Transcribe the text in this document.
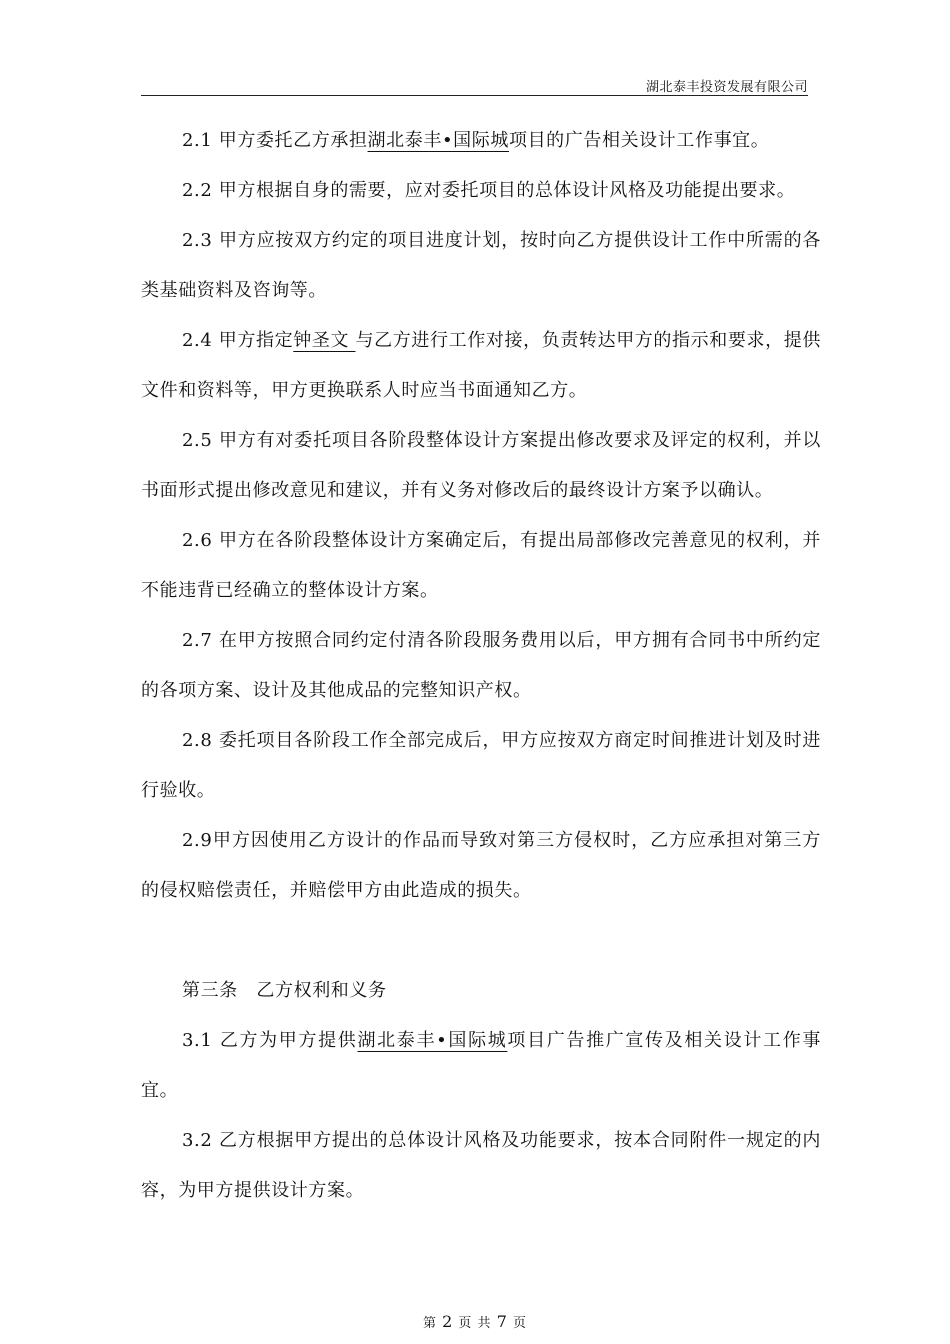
湖北泰丰投资发展有限公司

2.1 甲方委托乙方承担湖北泰丰•国际城项目的广告相关设计工作事宜。

2.2 甲方根据自身的需要，应对委托项目的总体设计风格及功能提出要求。

2.3 甲方应按双方约定的项目进度计划，按时向乙方提供设计工作中所需的各类基础资料及咨询等。

2.4 甲方指定钟圣文 与乙方进行工作对接，负责转达甲方的指示和要求，提供文件和资料等，甲方更换联系人时应当书面通知乙方。

2.5 甲方有对委托项目各阶段整体设计方案提出修改要求及评定的权利，并以书面形式提出修改意见和建议，并有义务对修改后的最终设计方案予以确认。

2.6 甲方在各阶段整体设计方案确定后，有提出局部修改完善意见的权利，并不能违背已经确立的整体设计方案。

2.7 在甲方按照合同约定付清各阶段服务费用以后，甲方拥有合同书中所约定的各项方案、设计及其他成品的完整知识产权。

2.8 委托项目各阶段工作全部完成后，甲方应按双方商定时间推进计划及时进行验收。

2.9甲方因使用乙方设计的作品而导致对第三方侵权时，乙方应承担对第三方的侵权赔偿责任，并赔偿甲方由此造成的损失。

第三条　乙方权利和义务

3.1 乙方为甲方提供湖北泰丰•国际城项目广告推广宣传及相关设计工作事宜。

3.2 乙方根据甲方提出的总体设计风格及功能要求，按本合同附件一规定的内容，为甲方提供设计方案。

第 2 页 共 7 页
